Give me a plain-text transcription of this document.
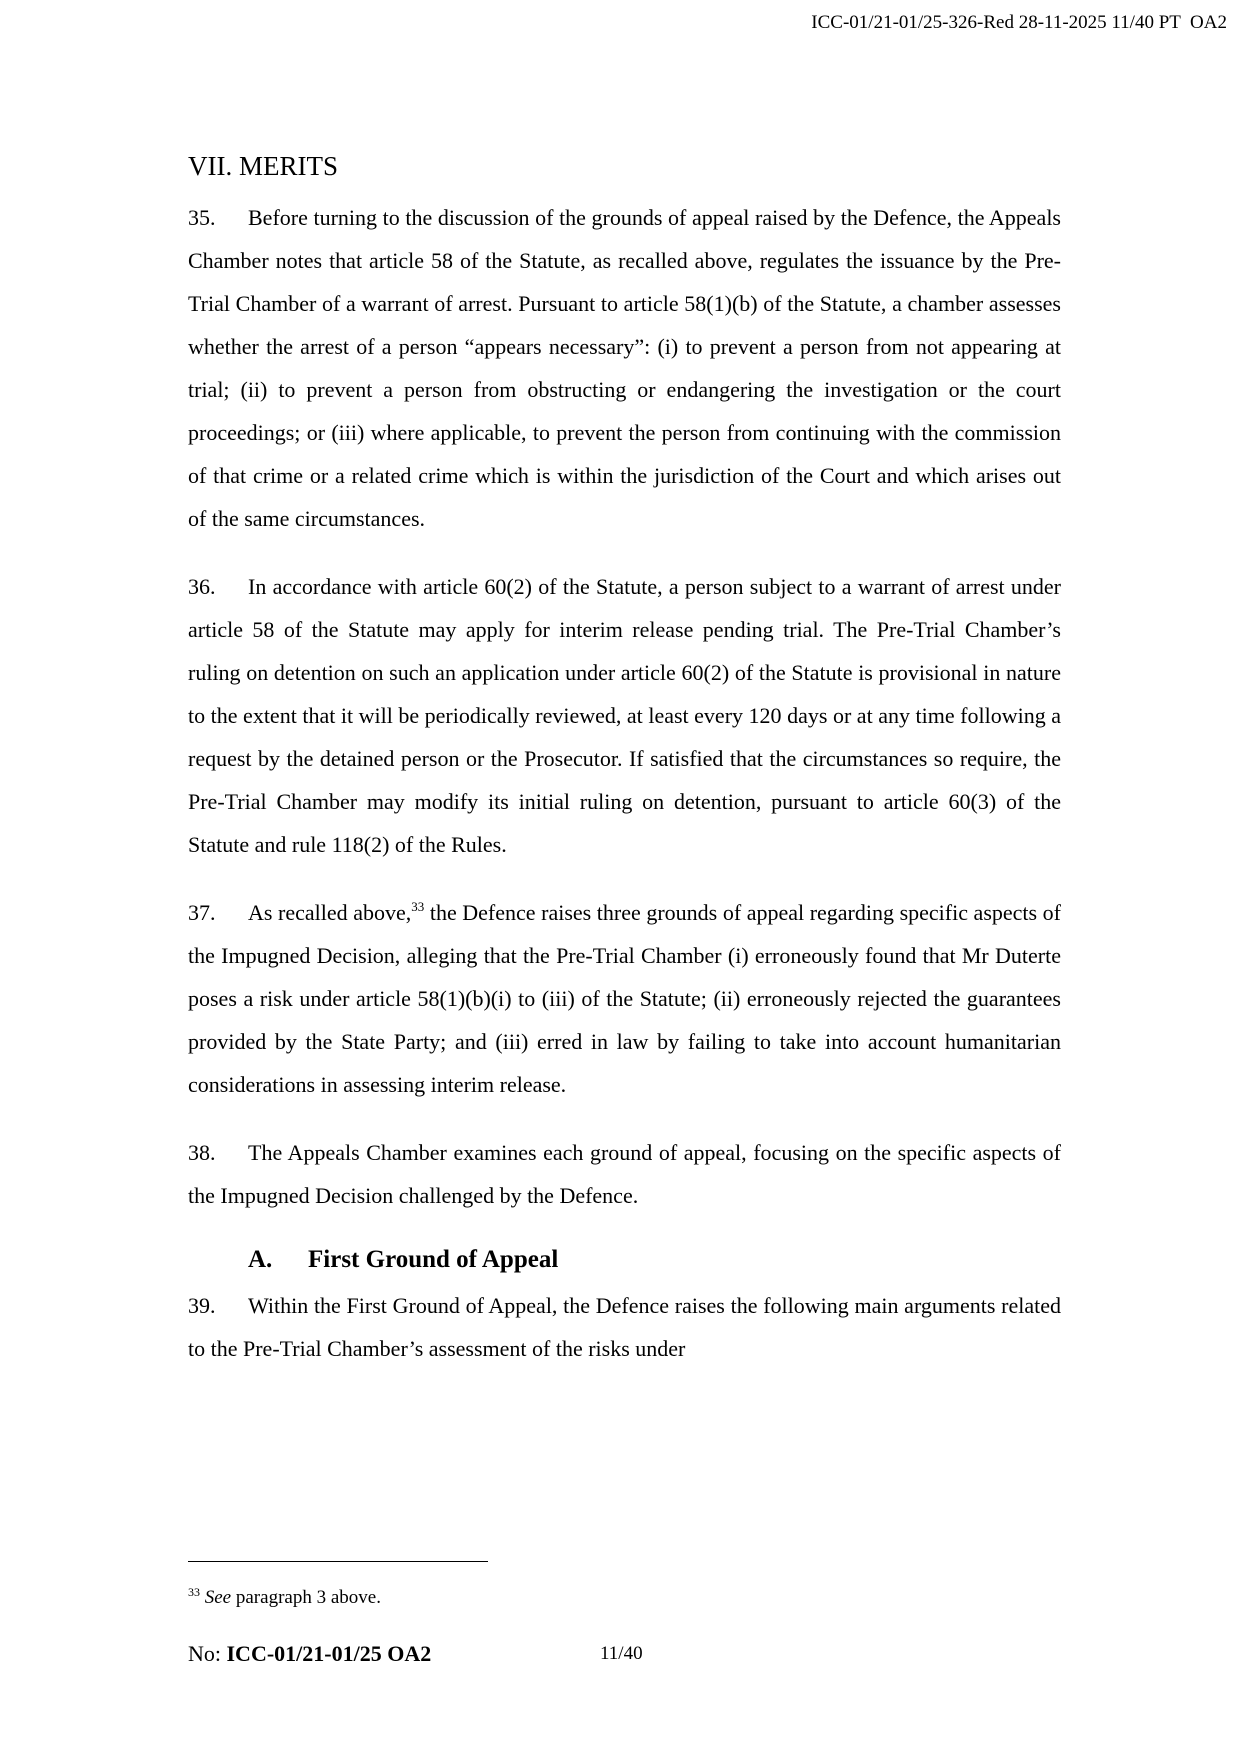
ICC-01/21-01/25-326-Red 28-11-2025 11/40 PT  OA2
VII. MERITS

35. Before turning to the discussion of the grounds of appeal raised by the Defence, the Appeals Chamber notes that article 58 of the Statute, as recalled above, regulates the issuance by the Pre-Trial Chamber of a warrant of arrest. Pursuant to article 58(1)(b) of the Statute, a chamber assesses whether the arrest of a person “appears necessary”: (i) to prevent a person from not appearing at trial; (ii) to prevent a person from obstructing or endangering the investigation or the court proceedings; or (iii) where applicable, to prevent the person from continuing with the commission of that crime or a related crime which is within the jurisdiction of the Court and which arises out of the same circumstances.

36. In accordance with article 60(2) of the Statute, a person subject to a warrant of arrest under article 58 of the Statute may apply for interim release pending trial. The Pre-Trial Chamber’s ruling on detention on such an application under article 60(2) of the Statute is provisional in nature to the extent that it will be periodically reviewed, at least every 120 days or at any time following a request by the detained person or the Prosecutor. If satisfied that the circumstances so require, the Pre-Trial Chamber may modify its initial ruling on detention, pursuant to article 60(3) of the Statute and rule 118(2) of the Rules.

37. As recalled above,$^{33}$ the Defence raises three grounds of appeal regarding specific aspects of the Impugned Decision, alleging that the Pre-Trial Chamber (i) erroneously found that Mr Duterte poses a risk under article 58(1)(b)(i) to (iii) of the Statute; (ii) erroneously rejected the guarantees provided by the State Party; and (iii) erred in law by failing to take into account humanitarian considerations in assessing interim release.

38. The Appeals Chamber examines each ground of appeal, focusing on the specific aspects of the Impugned Decision challenged by the Defence.

A. First Ground of Appeal

39. Within the First Ground of Appeal, the Defence raises the following main arguments related to the Pre-Trial Chamber’s assessment of the risks under

$^{33}$ See paragraph 3 above.
No: ICC-01/21-01/25 OA2	11/40
